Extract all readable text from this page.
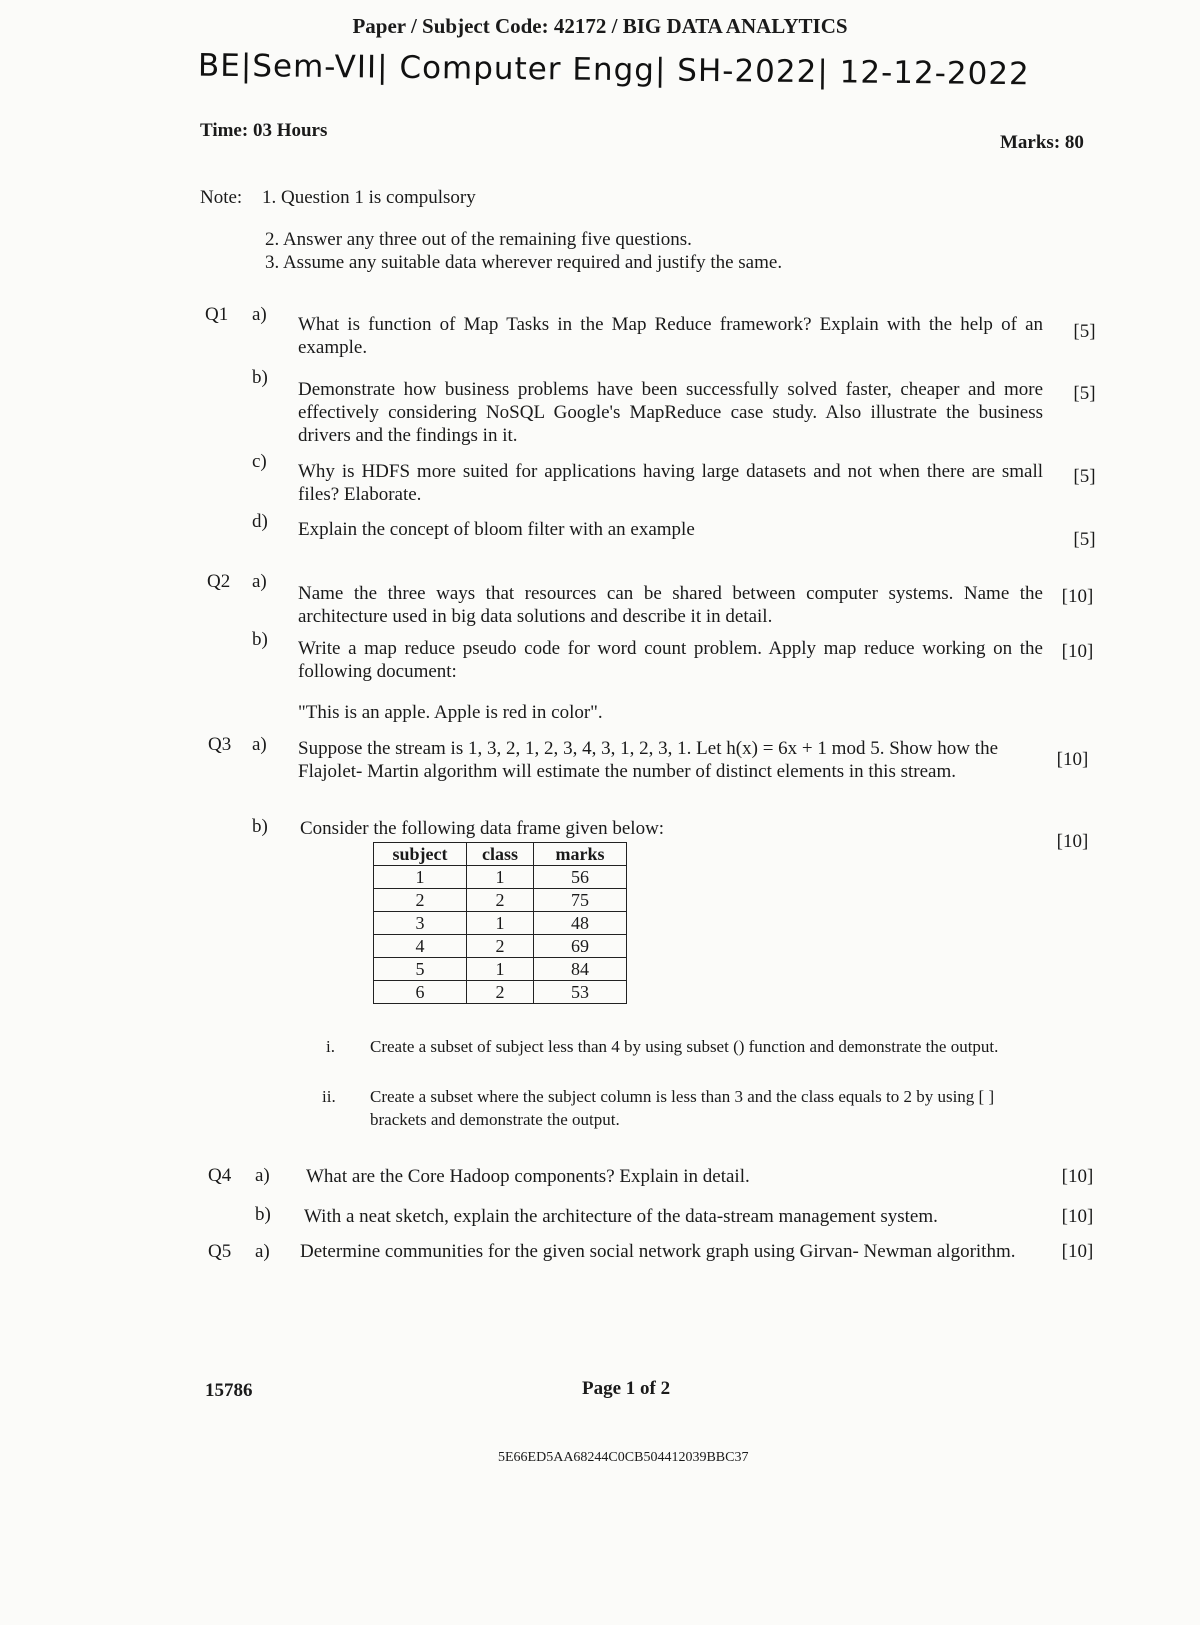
Paper / Subject Code: 42172 / BIG DATA ANALYTICS
BE|Sem-VII| Computer Engg| SH-2022| 12-12-2022
Time: 03 Hours
Marks: 80
Note: 1. Question 1 is compulsory
2. Answer any three out of the remaining five questions.
3. Assume any suitable data wherever required and justify the same.
Q1	a)	What is function of Map Tasks in the Map Reduce framework? Explain with the help of an example.
[5]
b)
Demonstrate how business problems have been successfully solved faster, cheaper and more effectively considering NoSQL Google's MapReduce case study. Also illustrate the business drivers and the findings in it.
[5]
c)	Why is HDFS more suited for applications having large datasets and not when there are small files? Elaborate.
[5]
d)	Explain the concept of bloom filter with an example	[5]
Q2	a)
Name the three ways that resources can be shared between computer systems. Name the architecture used in big data solutions and describe it in detail.
[10]
b)	Write a map reduce pseudo code for word count problem. Apply map reduce working on the following document:
[10]
"This is an apple. Apple is red in color".
Q3	a)	Suppose the stream is 1, 3, 2, 1, 2, 3, 4, 3, 1, 2, 3, 1. Let h(x) = 6x + 1 mod 5. Show how the Flajolet- Martin algorithm will estimate the number of distinct elements in this stream.
[10]
b)	Consider the following data frame given below:
[10]
subject	class	marks
1	1	56
2	2	75
3	1	48
4	2	69
5	1	84
6	2	53
i. Create a subset of subject less than 4 by using subset () function and demonstrate the output.
ii. Create a subset where the subject column is less than 3 and the class equals to 2 by using [ ] brackets and demonstrate the output.
Q4	a)	What are the Core Hadoop components? Explain in detail.	[10]
b)	With a neat sketch, explain the architecture of the data-stream management system.	[10]
Q5	a)	Determine communities for the given social network graph using Girvan- Newman algorithm.	[10]
15786	Page 1 of 2
5E66ED5AA68244C0CB504412039BBC37
